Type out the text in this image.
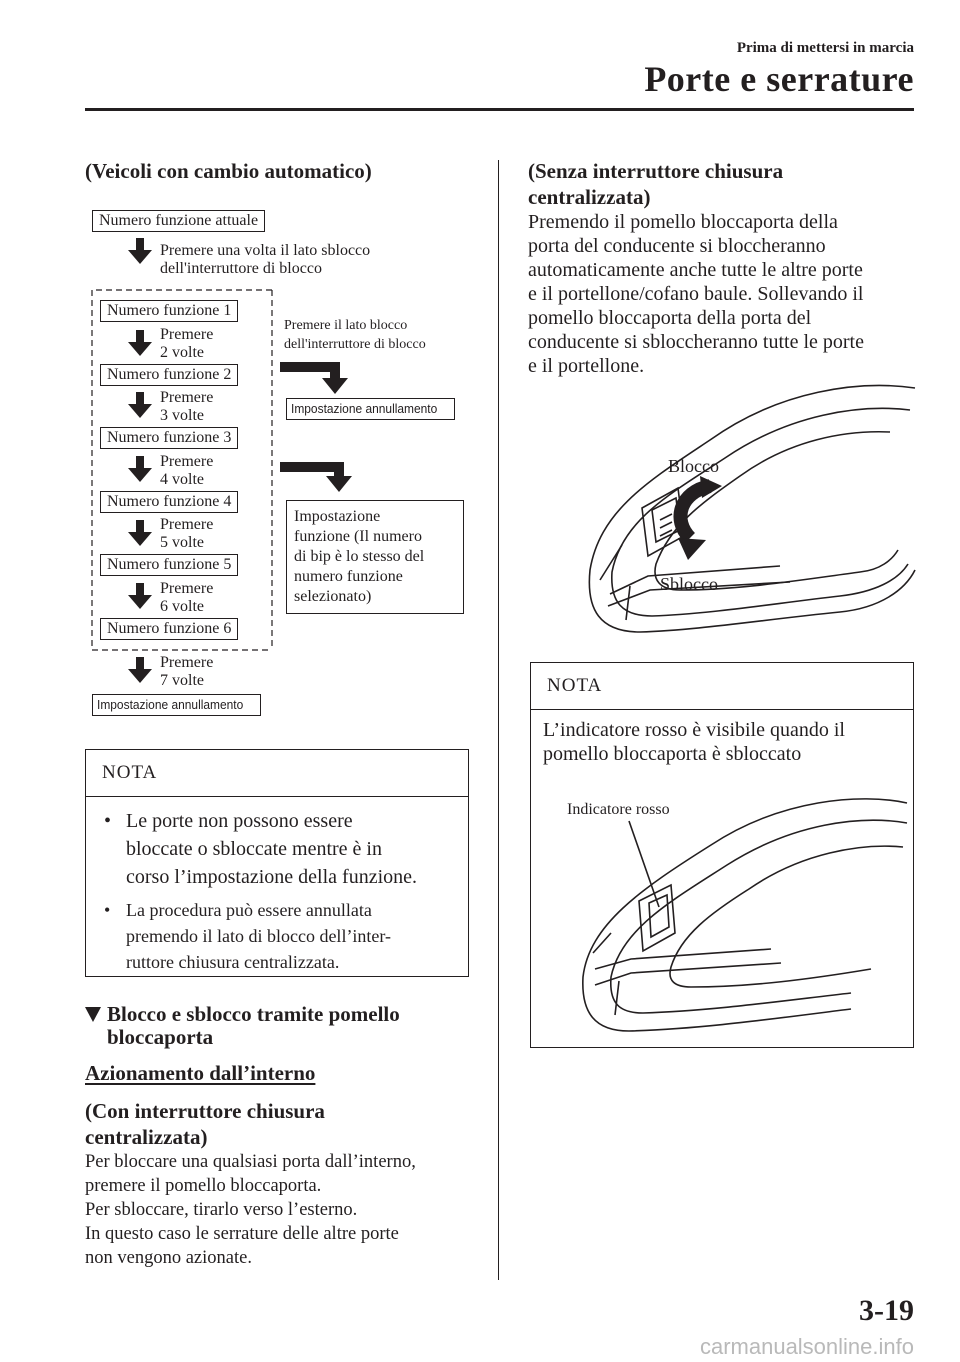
Prima di mettersi in marcia
Porte e serrature
(Veicoli con cambio automatico)
Numero funzione attuale
Premere una volta il lato sblocco
dell'interruttore di blocco
Numero funzione 1
Numero funzione 2
Numero funzione 3
Numero funzione 4
Numero funzione 5
Numero funzione 6
Premere
2 volte
Premere
3 volte
Premere
4 volte
Premere
5 volte
Premere
6 volte
Premere
7 volte
Impostazione annullamento
Premere il lato blocco
dell'interruttore di blocco
Impostazione annullamento
Impostazione
funzione (Il numero
di bip è lo stesso del
numero funzione
selezionato)
NOTA
• Le porte non possono essere
bloccate o sbloccate mentre è in
corso l’impostazione della funzione.
• La procedura può essere annullata
premendo il lato di blocco dell’inter-
ruttore chiusura centralizzata.
Blocco e sblocco tramite pomello
bloccaporta
Azionamento dall’interno
(Con interruttore chiusura
centralizzata)
Per bloccare una qualsiasi porta dall’interno,
premere il pomello bloccaporta.
Per sbloccare, tirarlo verso l’esterno.
In questo caso le serrature delle altre porte
non vengono azionate.
(Senza interruttore chiusura
centralizzata)
Premendo il pomello bloccaporta della
porta del conducente si bloccheranno
automaticamente anche tutte le altre porte
e il portellone/cofano baule. Sollevando il
pomello bloccaporta della porta del
conducente si sbloccheranno tutte le porte
e il portellone.
Blocco
Sblocco
NOTA
L’indicatore rosso è visibile quando il
pomello bloccaporta è sbloccato
Indicatore rosso
3-19
carmanualsonline.info
